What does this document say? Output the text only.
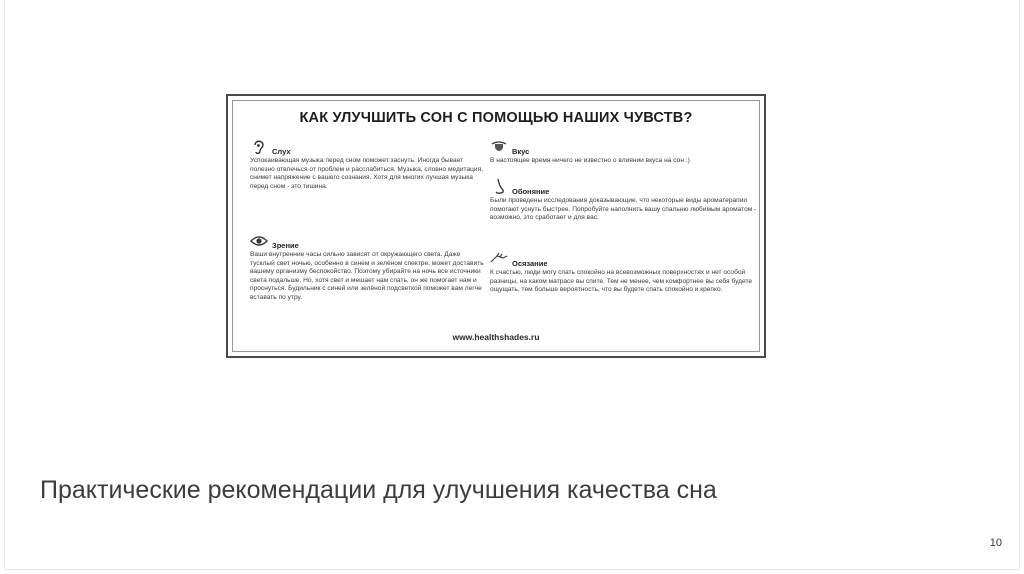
КАК УЛУЧШИТЬ СОН С ПОМОЩЬЮ НАШИХ ЧУВСТВ?
Слух
Успокаивающая музыка перед сном поможет заснуть. Иногда бывает полезно отвлечься от проблем и расслабиться. Музыка, словно медитация, снимет напряжение с вашего сознания. Хотя для многих лучшая музыка перед сном - это тишина.
Зрение
Ваши внутренние часы сильно зависят от окружающего света. Даже тусклый свет ночью, особенно в синем и зелёном спектре, может доставить вашему организму беспокойство. Поэтому убирайте на ночь все источники света подальше. Но, хотя свет и мешает нам спать, он же помогает нам и проснуться. Будильник с синей или зелёной подсветкой поможет вам легче вставать по утру.
Вкус
В настоящее время ничего не известно о влиянии вкуса на сон :)
Обоняние
Были проведены исследования доказывающие, что некоторые виды ароматерапии помогают уснуть быстрее. Попробуйте наполнить вашу спальню любимым ароматом - возможно, это сработает и для вас.
Осязание
К счастью, люди могу спать спокойно на всевозможных поверхностях и нет особой разницы, на каком матрасе вы спите. Тем не менее, чем комфортнее вы себя будете ощущать, тем больше вероятность, что вы будете спать спокойно и крепко.
www.healthshades.ru
Практические рекомендации для улучшения качества сна
10
